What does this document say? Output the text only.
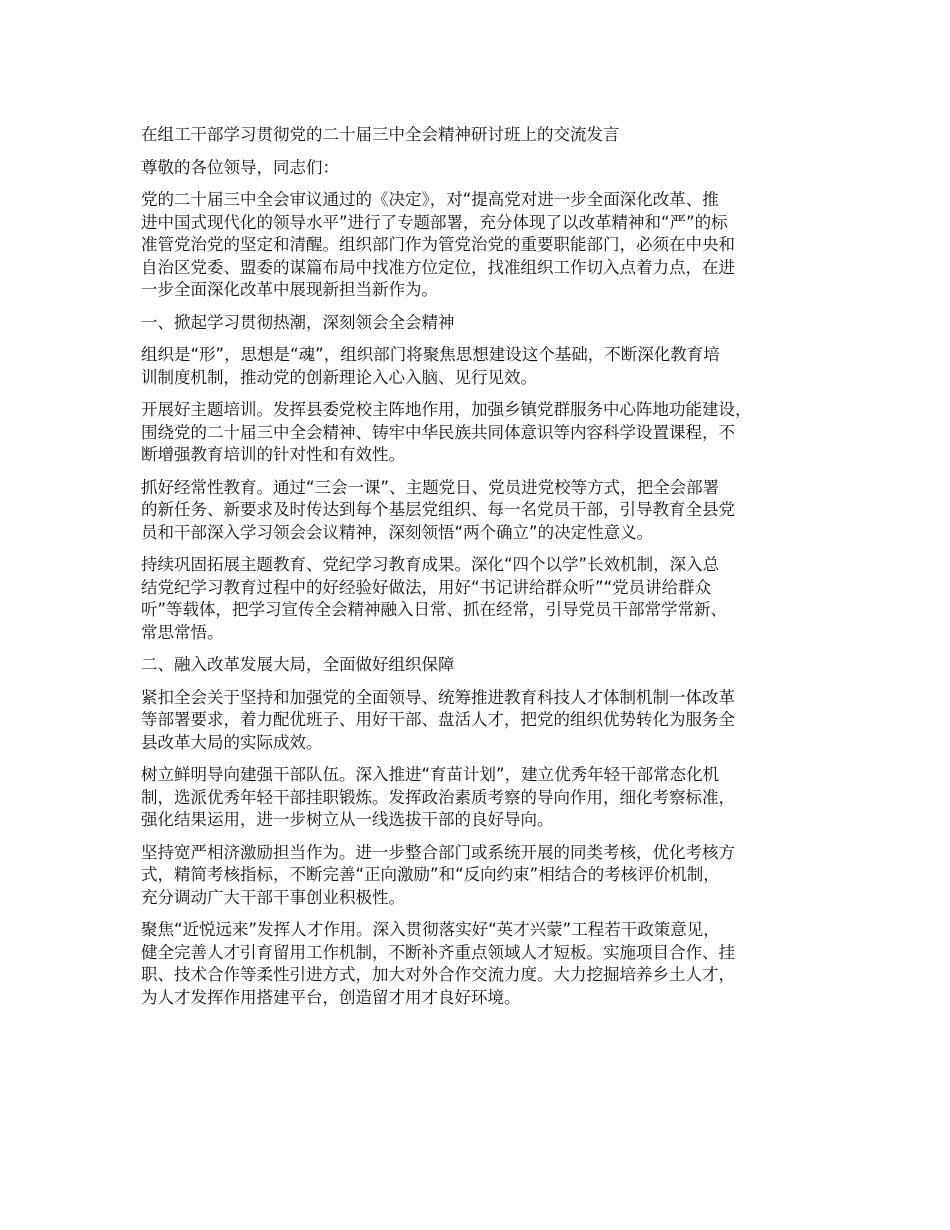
在组工干部学习贯彻党的二十届三中全会精神研讨班上的交流发言

尊敬的各位领导，同志们：

党的二十届三中全会审议通过的《决定》，对“提高党对进一步全面深化改革、推
进中国式现代化的领导水平”进行了专题部署，充分体现了以改革精神和“严”的标
准管党治党的坚定和清醒。组织部门作为管党治党的重要职能部门，必须在中央和
自治区党委、盟委的谋篇布局中找准方位定位，找准组织工作切入点着力点，在进
一步全面深化改革中展现新担当新作为。

一、掀起学习贯彻热潮，深刻领会全会精神

组织是“形”，思想是“魂”，组织部门将聚焦思想建设这个基础，不断深化教育培
训制度机制，推动党的创新理论入心入脑、见行见效。

开展好主题培训。发挥县委党校主阵地作用，加强乡镇党群服务中心阵地功能建设，
围绕党的二十届三中全会精神、铸牢中华民族共同体意识等内容科学设置课程，不
断增强教育培训的针对性和有效性。

抓好经常性教育。通过“三会一课”、主题党日、党员进党校等方式，把全会部署
的新任务、新要求及时传达到每个基层党组织、每一名党员干部，引导教育全县党
员和干部深入学习领会会议精神，深刻领悟“两个确立”的决定性意义。

持续巩固拓展主题教育、党纪学习教育成果。深化“四个以学”长效机制，深入总
结党纪学习教育过程中的好经验好做法，用好“书记讲给群众听”“党员讲给群众
听”等载体，把学习宣传全会精神融入日常、抓在经常，引导党员干部常学常新、
常思常悟。

二、融入改革发展大局，全面做好组织保障

紧扣全会关于坚持和加强党的全面领导、统筹推进教育科技人才体制机制一体改革
等部署要求，着力配优班子、用好干部、盘活人才，把党的组织优势转化为服务全
县改革大局的实际成效。

树立鲜明导向建强干部队伍。深入推进“育苗计划”，建立优秀年轻干部常态化机
制，选派优秀年轻干部挂职锻炼。发挥政治素质考察的导向作用，细化考察标准，
强化结果运用，进一步树立从一线选拔干部的良好导向。

坚持宽严相济激励担当作为。进一步整合部门或系统开展的同类考核，优化考核方
式，精简考核指标，不断完善“正向激励”和“反向约束”相结合的考核评价机制，
充分调动广大干部干事创业积极性。

聚焦“近悦远来”发挥人才作用。深入贯彻落实好“英才兴蒙”工程若干政策意见，
健全完善人才引育留用工作机制，不断补齐重点领域人才短板。实施项目合作、挂
职、技术合作等柔性引进方式，加大对外合作交流力度。大力挖掘培养乡土人才，
为人才发挥作用搭建平台，创造留才用才良好环境。
